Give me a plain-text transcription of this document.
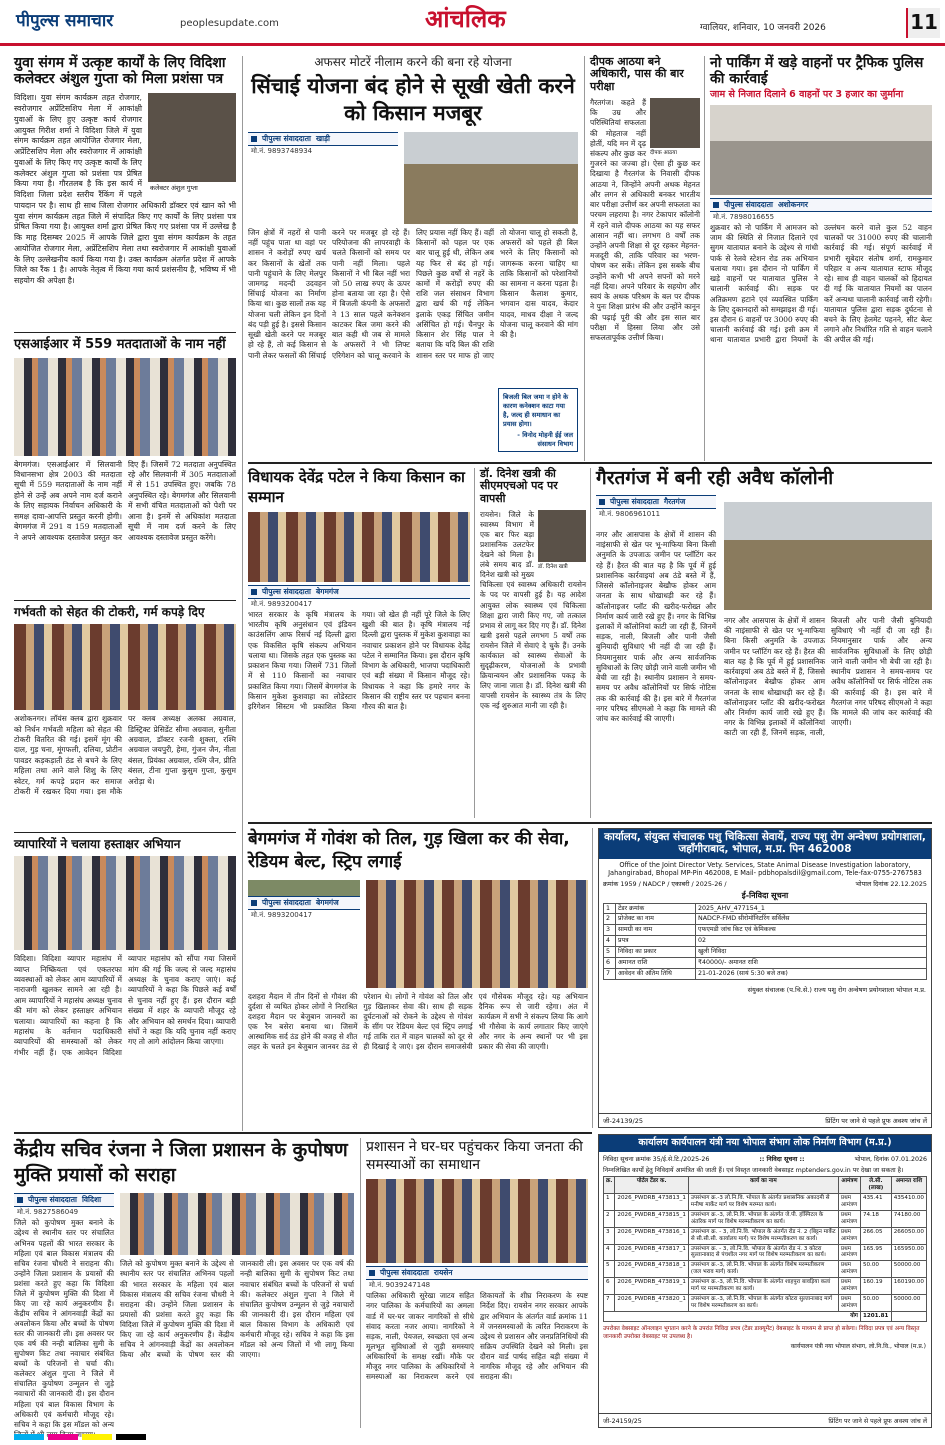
पीपुल्स समाचार	peoplesupdate.com	आंचलिक	ग्वालियर, शनिवार, 10 जनवरी 2026	11
युवा संगम में उत्कृष्ट कार्यों के लिए विदिशा कलेक्टर अंशुल गुप्ता को मिला प्रशंसा पत्र
कलेक्टर अंशुल गुप्ता
विदिशा। युवा संगम कार्यक्रम तहत रोजगार, स्वरोजगार अप्रेंटिसशिप मेला में आकांक्षी युवाओं के लिए हुए उत्कृष्ट कार्य रोजगार आयुक्त गिरीश शर्मा ने विदिशा जिले में युवा संगम कार्यक्रम तहत आयोजित रोजगार मेला, अप्रेंटिसशिप मेला और स्वरोजगार में आकांक्षी युवाओं के लिए किए गए उत्कृष्ट कार्यों के लिए कलेक्टर अंशुल गुप्ता को प्रशंसा पत्र प्रेषित किया गया है। गौरतलब है कि इस कार्य में विदिशा जिला प्रदेश स्तरीय रैंकिंग में पहले पायदान पर है। साथ ही साथ जिला रोजगार अधिकारी डॉक्टर एवं खान को भी युवा संगम कार्यक्रम तहत जिले में संपादित किए गए कार्यों के लिए प्रशंसा पत्र प्रेषित किया गया है। आयुक्त शर्मा द्वारा प्रेषित किए गए प्रशंसा पत्र में उल्लेख है कि माह दिसम्बर 2025 में आपके जिले द्वारा युवा संगम कार्यक्रम के तहत आयोजित रोजगार मेला, अप्रेंटिसशिप मेला तथा स्वरोजगार में आकांक्षी युवाओं के लिए उल्लेखनीय कार्य किया गया है। उक्त कार्यक्रम अंतर्गत प्रदेश में आपके जिले का रैंक 1 है। आपके नेतृत्व में किया गया कार्य प्रशंसनीय है, भविष्य में भी सहयोग की अपेक्षा है।
एसआईआर में 559 मतदाताओं के नाम नहीं
बेगमगंज। एसआईआर में सिलवानी विधानसभा क्षेत्र 2003 की मतदाता सूची में 559 मतदाताओं के नाम नहीं होने से उन्हें अब अपने नाम दर्ज कराने के लिए सहायक निर्वाचन अधिकारी के समक्ष दावा-आपत्ति प्रस्तुत करनी होगी। बेगमगंज में 291 व 159 मतदाताओं ने अपने आवश्यक दस्तावेज प्रस्तुत कर दिए हैं। जिसमें 72 मतदाता अनुपस्थित रहे और सिलवानी में 305 मतदाताओं में से 151 उपस्थित हुए। जबकि 78 अनुपस्थित रहे। बेगमगंज और सिलवानी में सभी वंचित मतदाताओं को पेशी पर आना है। इनमें से अधिकांश मतदाता सूची में नाम दर्ज करने के लिए आवश्यक दस्तावेज प्रस्तुत करेंगे।
गर्भवती को सेहत की टोकरी, गर्म कपड़े दिए
अशोकनगर। लॉयंस क्लब द्वारा शुक्रवार को निर्धन गर्भवती महिला को सेहत की टोकरी वितरित की गई। इसमें मूंग की दाल, गुड़ चना, मूंगफली, दलिया, प्रोटीन पावडर कड़कड़ाती ठंड से बचने के लिए महिला तथा आने वाले शिशु के लिए स्वेटर, गर्म कपड़े प्रदान कर समाज टोकरी में रखकर दिया गया। इस मौके पर क्लब अध्यक्ष अलका अग्रवाल, डिस्ट्रिक्ट प्रेसिडेंट सीमा अग्रवाल, सुनीता अग्रवाल, डॉक्टर रजनी शुक्ला, रश्मि अग्रवाल जयपुरी, हेमा, गुंजन जैन, नीता बंसल, प्रियंका अग्रवाल, रश्मि जैन, प्रीति बंसल, टीना गुप्ता कुसुम गुप्ता, कुसुम अरोड़ा थे।
व्यापारियों ने चलाया हस्ताक्षर अभियान
विदिशा। विदिशा व्यापार महासंघ में व्याप्त निष्क्रियता एवं एकतरफा व्यवस्थाओं को लेकर आम व्यापारियों में नाराजगी खुलकर सामने आ रही है। आम व्यापारियों ने महासंघ अध्यक्ष चुनाव की मांग को लेकर हस्ताक्षर अभियान चलाया। व्यापारियों का कहना है कि महासंघ के वर्तमान पदाधिकारी व्यापारियों की समस्याओं को लेकर गंभीर नहीं हैं। एक आवेदन विदिशा व्यापार महासंघ को सौंपा गया जिसमें मांग की गई कि जल्द से जल्द महासंघ अध्यक्ष के चुनाव कराए जाएं। कई व्यापारियों ने कहा कि पिछले कई वर्षों से चुनाव नहीं हुए हैं। इस दौरान बड़ी संख्या में शहर के व्यापारी मौजूद रहे और अभियान को समर्थन दिया। व्यापारी संघों ने कहा कि यदि चुनाव नहीं कराए गए तो आगे आंदोलन किया जाएगा।
अफसर मोटरें नीलाम करने की बना रहे योजना
सिंचाई योजना बंद होने से सूखी खेती करने को किसान मजबूर
पीपुल्स संवाददाता खाड़ी
मो.नं. 9893748934
जिन क्षेत्रों में नहरों से पानी नहीं पहुंच पाता था वहां पर शासन ने करोड़ों रुपए खर्च कर किसानों के खेतों तक पानी पहुंचाने के लिए मेलपुर जामगढ़ मदन्दी उदवहन सिंचाई योजना का निर्माण किया था। कुछ सालों तक यह योजना चली लेकिन इन दिनों बंद पड़ी हुई है। इससे किसान सूखी खेती करने पर मजबूर हो रहे हैं, तो कई किसान से पानी लेकर फसलों की सिंचाई करने पर मजबूर हो रहे हैं। परियोजना की लापरवाही के चलते किसानों को समय पर पानी नहीं मिला। पहले किसानों ने भी बिल नहीं भरा जो 50 लाख रुपए के ऊपर होना बताया जा रहा है। ऐसे में बिजली कंपनी के अफसरों ने 13 साल पहले कनेक्शन काटकर बिल जमा करने की बात कही थी जब से मामले के अफसरों ने भी लिफ्ट एरिगेशन को चालू करवाने के लिए प्रयास नहीं किए हैं। वहीं किसानों को पहल पर एक बार चालू हुई थी, लेकिन अब यह फिर से बंद हो गई। पिछले कुछ वर्षों से नहरें के कामों में करोड़ों रुपए की राशि जल संसाधन विभाग द्वारा खर्च की गई लेकिन इलाके एकड़ सिंचित जमीन असिंचित हो गई। चैनपुर के किसान शेर सिंह पाल ने बताया कि यदि बिल की राशि शासन स्तर पर माफ हो जाए तो योजना चालू हो सकती है, अफसरों को पहले ही बिल भरने के लिए किसानों को जागरूक करना चाहिए था ताकि किसानों को परेशानियों का सामना न करना पड़ता है। किसान कैलाश कुमार, भगवान दास यादव, केदार यादव, माधव दीक्षा ने जल्द योजना चालू करवाने की मांग की है।
बिजली बिल जमा न होने के कारण कनेक्शन काटा गया है, जल्द ही समाधान का प्रयास होगा।
- विनोद मोहनी ईई जल संसाधन विभाग
दीपक आठया बने अधिकारी, पास की बार परीक्षा
दीपक आठया
गैरतगंज। कहते हैं कि उम्र और परिस्थितियां सफलता की मोहताज नहीं होतीं, यदि मन में दृढ़ संकल्प और कुछ कर गुजरने का जज्बा हो। ऐसा ही कुछ कर दिखाया है गैरतगंज के निवासी दीपक आठया ने, जिन्होंने अपनी अथक मेहनत और लगन से अधिकारी बनकर भारतीय बार परीक्षा उत्तीर्ण कर अपनी सफलता का परचम लहराया है। नगर टेकापार कॉलोनी में रहने वाले दीपक आठया का यह सफर आसान नहीं था। लगभग 8 वर्षों तक उन्होंने अपनी शिक्षा से दूर रहकर मेहनत-मजदूरी की, ताकि परिवार का भरण-पोषण कर सकें। लेकिन इस सबके बीच उन्होंने कभी भी अपने सपनों को मरने नहीं दिया। अपने परिवार के सहयोग और स्वयं के अथक परिश्रम के बल पर दीपक ने पुनः शिक्षा प्रारंभ की और उन्होंने कानून की पढ़ाई पूरी की और इस साल बार परीक्षा में हिस्सा लिया और उसे सफलतापूर्वक उत्तीर्ण किया।
नो पार्किंग में खड़े वाहनों पर ट्रैफिक पुलिस की कार्रवाई
जाम से निजात दिलाने 6 वाहनों पर 3 हजार का जुर्माना
पीपुल्स संवाददाता अशोकनगर
मो.नं. 7898016655
शुक्रवार को नो पार्किंग में आमजन को जाम की स्थिति से निजात दिलाने एवं सुगम यातायात बनाने के उद्देश्य से गांधी पार्क से रेलवे स्टेशन रोड तक अभियान चलाया गया। इस दौरान नो पार्किंग में खड़े वाहनों पर यातायात पुलिस ने चालानी कार्रवाई की। सड़क पर अतिक्रमण हटाने एवं व्यवस्थित पार्किंग के लिए दुकानदारों को समझाइश दी गई। इस दौरान 6 वाहनों पर 3000 रुपए की चालानी कार्रवाई की गई। इसी क्रम में थाना यातायात प्रभारी द्वारा नियमों के उल्लंघन करने वाले कुल 52 वाहन चालकों पर 31000 रुपए की चालानी कार्रवाई की गई। संपूर्ण कार्रवाई में प्रभारी सूबेदार संतोष शर्मा, रामकुमार परिहार व अन्य यातायात स्टाफ मौजूद रहे। साथ ही वाहन चालकों को हिदायत दी गई कि यातायात नियमों का पालन करें अन्यथा चालानी कार्रवाई जारी रहेगी। यातायात पुलिस द्वारा सड़क दुर्घटना से बचने के लिए हेलमेट पहनने, सीट बेल्ट लगाने और निर्धारित गति से वाहन चलाने की अपील की गई।
विधायक देवेंद्र पटेल ने किया किसान का सम्मान
पीपुल्स संवाददाता बेगमगंज
मो.नं. 9893200417
भारत सरकार के कृषि मंत्रालय के भारतीय कृषि अनुसंधान एवं इंडियन काउंसलिंग आफ रिसर्च नई दिल्ली द्वारा एक विकसित कृषि संकल्प अभियान चलाया था। जिसके तहत एक पुस्तक का प्रकाशन किया गया। जिसमें 731 जिलों में से 110 किसानों का नवाचार प्रकाशित किया गया। जिसमें बेगमगंज के किसान मुकेश कुशवाहा का लोडेस्टार इरिगेशन सिस्टम भी प्रकाशित किया गया। जो खेत ही नहीं पूरे जिले के लिए खुशी की बात है। कृषि मंत्रालय नई दिल्ली द्वारा पुस्तक में मुकेश कुशवाहा का नवाचार प्रकाशन होने पर विधायक देवेंद्र पटेल ने सम्मानित किया। इस दौरान कृषि विभाग के अधिकारी, भाजपा पदाधिकारी एवं बड़ी संख्या में किसान मौजूद रहे। विधायक ने कहा कि हमारे नगर के किसान की राष्ट्रीय स्तर पर पहचान बनना गौरव की बात है।
डॉ. दिनेश खत्री की सीएमएचओ पद पर वापसी
डॉ. दिनेश खत्री
रायसेन। जिले के स्वास्थ्य विभाग में एक बार फिर बड़ा प्रशासनिक उलटफेर देखने को मिला है। लंबे समय बाद डॉ. दिनेश खत्री को मुख्य चिकित्सा एवं स्वास्थ्य अधिकारी रायसेन के पद पर वापसी हुई है। यह आदेश आयुक्त लोक स्वास्थ्य एवं चिकित्सा शिक्षा द्वारा जारी किए गए, जो तत्काल प्रभाव से लागू कर दिए गए हैं। डॉ. दिनेश खत्री इससे पहले लगभग 5 वर्षों तक रायसेन जिले में सेवाएं दे चुके हैं। उनके कार्यकाल को स्वास्थ्य सेवाओं के सुदृढ़ीकरण, योजनाओं के प्रभावी क्रियान्वयन और प्रशासनिक पकड़ के लिए जाना जाता है। डॉ. दिनेश खत्री की वापसी रायसेन के स्वास्थ्य तंत्र के लिए एक नई शुरुआत मानी जा रही है।
गैरतगंज में बनी रही अवैध कॉलोनी
पीपुल्स संवाददाता गैरतगंज
मो.नं. 9806961011
नगर और आसपास के क्षेत्रों में शासन की नाइंसाफी से खेत पर भू-माफिया बिना किसी अनुमति के उपजाऊ जमीन पर प्लॉटिंग कर रहे हैं। हैरत की बात यह है कि पूर्व में हुई प्रशासनिक कार्रवाइयां अब ठंडे बस्ते में हैं, जिससे कॉलोनाइजर बेखौफ होकर आम जनता के साथ धोखाधड़ी कर रहे हैं। कॉलोनाइजर प्लॉट की खरीद-फरोख्त और निर्माण कार्य जारी रखे हुए हैं। नगर के विभिन्न इलाकों में कॉलोनियां काटी जा रही हैं, जिनमें सड़क, नाली, बिजली और पानी जैसी बुनियादी सुविधाएं भी नहीं दी जा रही हैं। नियमानुसार पार्क और अन्य सार्वजनिक सुविधाओं के लिए छोड़ी जाने वाली जमीन भी बेची जा रही है। स्थानीय प्रशासन ने समय-समय पर अवैध कॉलोनियों पर सिर्फ नोटिस तक की कार्रवाई की है। इस बारे में गैरतगंज नगर परिषद सीएमओ ने कहा कि मामले की जांच कर कार्रवाई की जाएगी।
नगर और आसपास के क्षेत्रों में शासन की नाइंसाफी से खेत पर भू-माफिया बिना किसी अनुमति के उपजाऊ जमीन पर प्लॉटिंग कर रहे हैं। हैरत की बात यह है कि पूर्व में हुई प्रशासनिक कार्रवाइयां अब ठंडे बस्ते में हैं, जिससे कॉलोनाइजर बेखौफ होकर आम जनता के साथ धोखाधड़ी कर रहे हैं। कॉलोनाइजर प्लॉट की खरीद-फरोख्त और निर्माण कार्य जारी रखे हुए हैं। नगर के विभिन्न इलाकों में कॉलोनियां काटी जा रही हैं, जिनमें सड़क, नाली, बिजली और पानी जैसी बुनियादी सुविधाएं भी नहीं दी जा रही हैं। नियमानुसार पार्क और अन्य सार्वजनिक सुविधाओं के लिए छोड़ी जाने वाली जमीन भी बेची जा रही है। स्थानीय प्रशासन ने समय-समय पर अवैध कॉलोनियों पर सिर्फ नोटिस तक की कार्रवाई की है। इस बारे में गैरतगंज नगर परिषद सीएमओ ने कहा कि मामले की जांच कर कार्रवाई की जाएगी।
बेगमगंज में गोवंश को तिल, गुड़ खिला कर की सेवा, रेडियम बेल्ट, स्ट्रिप लगाई
पीपुल्स संवाददाता बेगमगंज
मो.नं. 9893200417
दशहरा मैदान में तीन दिनों से गौवंश की दुर्दशा से व्यथित होकर लोगों ने निराश्रित दशहरा मैदान पर बेजुबान जानवरों का एक रैन बसेरा बनाया था। जिसमें आस्थामिक सर्द ठंड होने की वजह से शीत लहर के चलते इन बेजुबान जानवर ठंड से परेशान थे। लोगों ने गोवंश को तिल और गुड़ खिलाकर सेवा की। साथ ही सड़क दुर्घटनाओं को रोकने के उद्देश्य से गोवंश के सींग पर रेडियम बेल्ट एवं स्ट्रिप लगाई गई ताकि रात में वाहन चालकों को दूर से ही दिखाई दे जाएं। इस दौरान समाजसेवी एवं गौसेवक मौजूद रहे। यह अभियान दैनिक रूप से जारी रहेगा। अंत में कार्यक्रम में सभी ने संकल्प लिया कि आगे भी गौसेवा के कार्य लगातार किए जाएंगे और नगर के अन्य स्थानों पर भी इस प्रकार की सेवा की जाएगी।
कार्यालय, संयुक्त संचालक पशु चिकित्सा सेवायें, राज्य पशु रोग अन्वेषण प्रयोगशाला, जहाँगीराबाद, भोपाल, म.प्र. पिन 462008
Office of the Joint Director Vety. Services, State Animal Disease Investigation laboratory,
Jahangirabad, Bhopal MP-Pin 462008, E Mail- pdbhopalsdil@gmail.com, Tele-fax-0755-2767583
क्रमांक 1959 / NADCP / एकाबरी / 2025-26 /	भोपाल दिनांक 22.12.2025
ई-निविदा सूचना
1	टेंडर क्रमांक	2025_AHV_477154_1
2	प्रोजेक्ट का नाम	NADCP-FMD सीरोमॉनिटरिंग सर्विलेंस
3	सामग्री का नाम	एफएमडी जांच किट एवं केमिकल्स
4	प्रपत्र	02
5	निविदा का प्रकार	खुली निविदा
6	अमानत राशि	₹40000/- अमानत राशि
7	आवेदन की अंतिम तिथि	21-01-2026 (सायं 5:30 बजे तक)
संयुक्त संचालक (प.चि.से.) राज्य पशु रोग अन्वेषण प्रयोगशाला भोपाल म.प्र.
जी-24139/25	प्रिंटिंग पर जाने से पहले प्रूफ अवश्य जांच लें
केंद्रीय सचिव रंजना ने जिला प्रशासन के कुपोषण मुक्ति प्रयासों को सराहा
पीपुल्स संवाददाता विदिशा
मो.नं. 9827586049
जिले को कुपोषण मुक्त बनाने के उद्देश्य से स्थानीय स्तर पर संचालित अभिनव पहलों की भारत सरकार के महिला एवं बाल विकास मंत्रालय की सचिव रंजना चौधरी ने सराहना की। उन्होंने जिला प्रशासन के प्रयासों की प्रशंसा करते हुए कहा कि विदिशा जिले में कुपोषण मुक्ति की दिशा में किए जा रहे कार्य अनुकरणीय हैं। केंद्रीय सचिव ने आंगनवाड़ी केंद्रों का अवलोकन किया और बच्चों के पोषण स्तर की जानकारी ली। इस अवसर पर एक वर्ष की नन्ही बालिका सुमी के सुपोषण किट तथा नवाचार संबंधित बच्चों के परिजनों से चर्चा की। कलेक्टर अंशुल गुप्ता ने जिले में संचालित कुपोषण उन्मूलन से जुड़े नवाचारों की जानकारी दी। इस दौरान महिला एवं बाल विकास विभाग के अधिकारी एवं कर्मचारी मौजूद रहे। सचिव ने कहा कि इस मॉडल को अन्य
जिले को कुपोषण मुक्त बनाने के उद्देश्य से स्थानीय स्तर पर संचालित अभिनव पहलों की भारत सरकार के महिला एवं बाल विकास मंत्रालय की सचिव रंजना चौधरी ने सराहना की। उन्होंने जिला प्रशासन के प्रयासों की प्रशंसा करते हुए कहा कि विदिशा जिले में कुपोषण मुक्ति की दिशा में किए जा रहे कार्य अनुकरणीय हैं। केंद्रीय सचिव ने आंगनवाड़ी केंद्रों का अवलोकन किया और बच्चों के पोषण स्तर की जानकारी ली। इस अवसर पर एक वर्ष की नन्ही बालिका सुमी के सुपोषण किट तथा नवाचार संबंधित बच्चों के परिजनों से चर्चा की। कलेक्टर अंशुल गुप्ता ने जिले में संचालित कुपोषण उन्मूलन से जुड़े नवाचारों की जानकारी दी। इस दौरान महिला एवं बाल विकास विभाग के अधिकारी एवं कर्मचारी मौजूद रहे। सचिव ने कहा कि इस मॉडल को अन्य जिलों में भी लागू किया जाएगा।
प्रशासन ने घर-घर पहुंचकर किया जनता की समस्याओं का समाधान
पीपुल्स संवाददाता रायसेन
मो.नं. 9039247148
पालिका अधिकारी सुरेखा जाटव सहित नगर पालिका के कर्मचारियों का अमला वार्ड में घर-घर जाकर नागरिकों से सीधे संवाद करता नजर आया। नागरिकों ने सड़क, नाली, पेयजल, स्वच्छता एवं अन्य मूलभूत सुविधाओं से जुड़ी समस्याएं अधिकारियों के समक्ष रखीं। मौके पर मौजूद नगर पालिका के अधिकारियों ने समस्याओं का निराकरण करने एवं शिकायतों के शीघ्र निराकरण के स्पष्ट निर्देश दिए। रायसेन नगर सरकार आपके द्वार अभियान के अंतर्गत वार्ड क्रमांक 11 में जनसमस्याओं के त्वरित निराकरण के उद्देश्य से प्रशासन और जनप्रतिनिधियों की सक्रिय उपस्थिति देखने को मिली। इस दौरान वार्ड पार्षद सहित बड़ी संख्या में नागरिक मौजूद रहे और अभियान की सराहना की।
कार्यालय कार्यपालन यंत्री नया भोपाल संभाग लोक निर्माण विभाग (म.प्र.)
निविदा सूचना क्रमांक 35/ई.से.टि./2025-26	:: निविदा सूचना ::	भोपाल, दिनांक 07.01.2026
निम्नलिखित कार्यों हेतु निविदायें आमंत्रित की जाती हैं। एवं विस्तृत जानकारी वेबसाइट mptenders.gov.in पर देखा जा सकता है।
क्र.	पोर्टल टेंडर क.	कार्य का नाम	आमंत्रण	ले.सी. (लाख)	अमानत राशि
1	2026_PWDRB_473813_1	उपसंभाग क्र.-3 लो.नि.वि. भोपाल के अंतर्गत प्रशासनिक अकादमी से मनीषा मार्केट मार्ग पर विशेष मरम्मत कार्य।	प्रथम आमंत्रण	435.41	435410.00
2	2026_PWDRB_473815_1	उपसंभाग क्र.-3, लो.नि.वि. भोपाल के अंतर्गत जे.पी. हॉस्पिटल के अंतरिक मार्ग पर विशेष मरम्मतीकरण का कार्य।	प्रथम आमंत्रण	74.18	74180.00
3	2026_PWDRB_473816_1	उपसंभाग क्र. - 3, लो.नि.वि. भोपाल के अंतर्गत रोड नं. 2 (बिट्टन मार्केट से सी.सी.सी. कार्यालय मार्ग) पर विशेष मरम्मतीकरण का कार्य।	प्रथम आमंत्रण	266.05	266050.00
4	2026_PWDRB_473817_1	उपसंभाग क्र. - 3, लो.नि.वि. भोपाल के अंतर्गत रोड नं. 3 कोटरा सुल्तानाबाद से पंचशील नगर मार्ग पर विशेष मरम्मतीकरण का कार्य।	प्रथम आमंत्रण	165.95	165950.00
5	2026_PWDRB_473818_1	उपसंभाग क्र.-3, लो.नि.वि. भोपाल के अंतर्गत विशेष मरम्मतीकरण (जल भराव मार्ग) कार्य।	प्रथम आमंत्रण	50.00	50000.00
6	2026_PWDRB_473819_1	उपसंभाग क्र.-3, लो.नि.वि. भोपाल के अंतर्गत शाहपुरा बावड़िया कलां मार्ग पर मरम्मतीकरण का कार्य।	प्रथम आमंत्रण	160.19	160190.00
7	2026_PWDRB_473820_1	उपसंभाग क्र.-3, लो.नि.वि. भोपाल के अंतर्गत कोटरा सुल्तानाबाद मार्ग पर विशेष मरम्मतीकरण का कार्य।	प्रथम आमंत्रण	50.00	50000.00
योग				1201.81	
उपरोक्त वेबसाइट ऑनलाइन भुगतान करने के उपरांत निविदा प्रपत्र (टेंडर डाक्यूमेंट) वेबसाइट के माध्यम से प्राप्त हो सकेगा। निविदा प्रपत्र एवं अन्य विस्तृत जानकारी उपरोक्त वेबसाइट पर उपलब्ध है।
कार्यपालन यंत्री नया भोपाल संभाग, लो.नि.वि., भोपाल (म.प्र.)
जी-24159/25	प्रिंटिंग पर जाने से पहले प्रूफ अवश्य जांच लें
